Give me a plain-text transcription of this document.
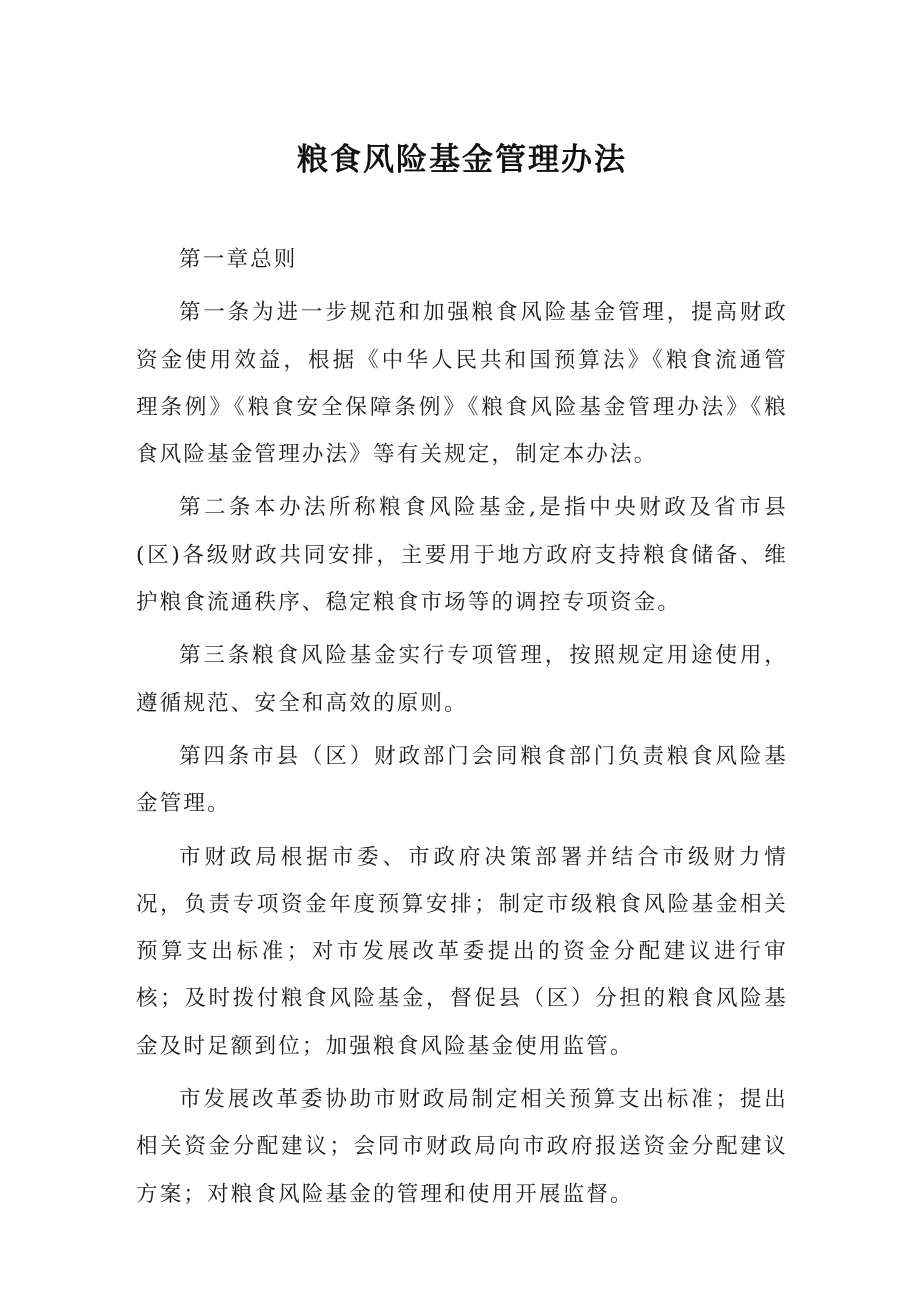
粮食风险基金管理办法

第一章总则

第一条为进一步规范和加强粮食风险基金管理，提高财政资金使用效益，根据《中华人民共和国预算法》《粮食流通管理条例》《粮食安全保障条例》《粮食风险基金管理办法》《粮食风险基金管理办法》等有关规定，制定本办法。

第二条本办法所称粮食风险基金,是指中央财政及省市县(区)各级财政共同安排，主要用于地方政府支持粮食储备、维护粮食流通秩序、稳定粮食市场等的调控专项资金。

第三条粮食风险基金实行专项管理，按照规定用途使用，遵循规范、安全和高效的原则。

第四条市县（区）财政部门会同粮食部门负责粮食风险基金管理。

市财政局根据市委、市政府决策部署并结合市级财力情况，负责专项资金年度预算安排；制定市级粮食风险基金相关预算支出标准；对市发展改革委提出的资金分配建议进行审核；及时拨付粮食风险基金，督促县（区）分担的粮食风险基金及时足额到位；加强粮食风险基金使用监管。

市发展改革委协助市财政局制定相关预算支出标准；提出相关资金分配建议；会同市财政局向市政府报送资金分配建议方案；对粮食风险基金的管理和使用开展监督。
